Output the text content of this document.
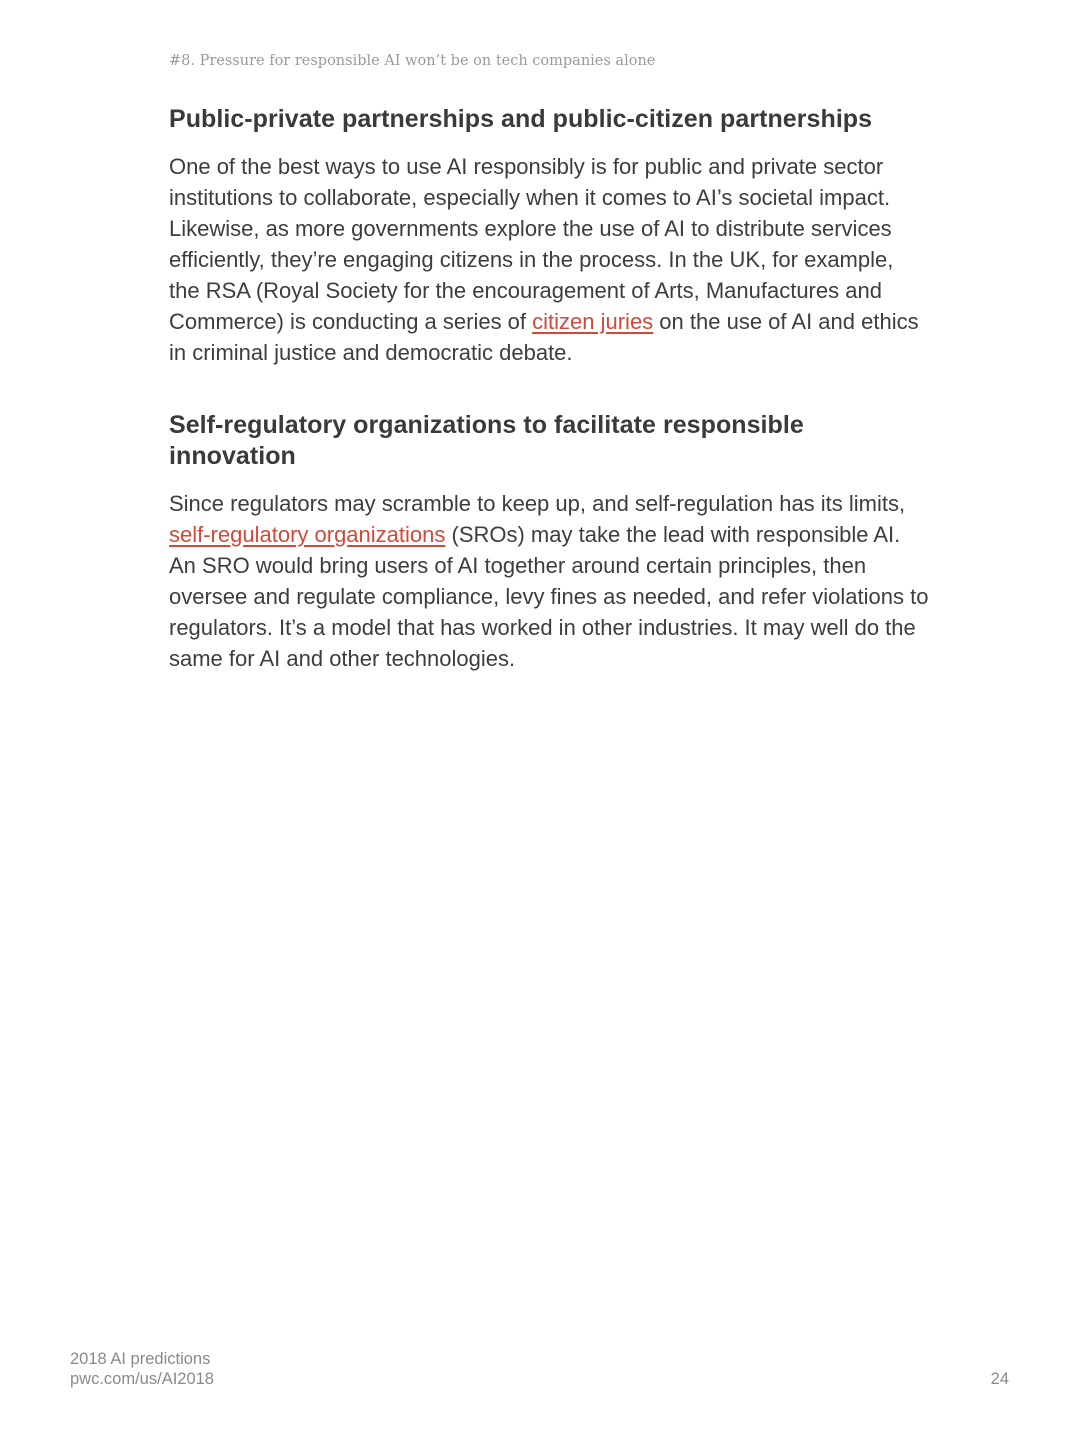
#8. Pressure for responsible AI won’t be on tech companies alone
Public-private partnerships and public-citizen partnerships

One of the best ways to use AI responsibly is for public and private sector institutions to collaborate, especially when it comes to AI’s societal impact. Likewise, as more governments explore the use of AI to distribute services efficiently, they’re engaging citizens in the process. In the UK, for example, the RSA (Royal Society for the encouragement of Arts, Manufactures and Commerce) is conducting a series of citizen juries on the use of AI and ethics in criminal justice and democratic debate.

Self-regulatory organizations to facilitate responsible innovation

Since regulators may scramble to keep up, and self-regulation has its limits, self-regulatory organizations (SROs) may take the lead with responsible AI. An SRO would bring users of AI together around certain principles, then oversee and regulate compliance, levy fines as needed, and refer violations to regulators. It’s a model that has worked in other industries. It may well do the same for AI and other technologies.

2018 AI predictions
pwc.com/us/AI2018	24
